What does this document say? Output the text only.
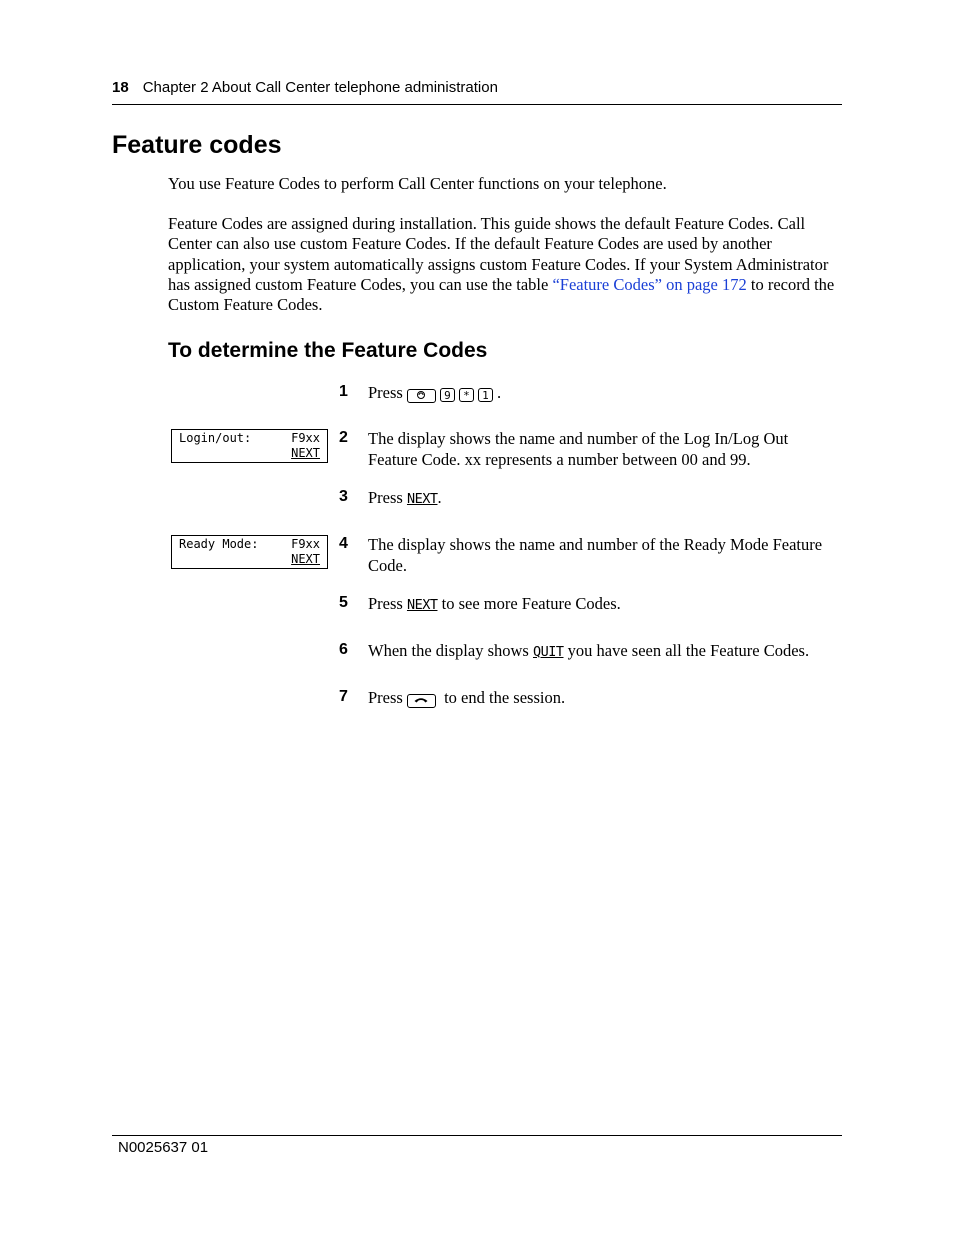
18 Chapter 2 About Call Center telephone administration
Feature codes

You use Feature Codes to perform Call Center functions on your telephone.

Feature Codes are assigned during installation. This guide shows the default Feature Codes. Call Center can also use custom Feature Codes. If the default Feature Codes are used by another application, your system automatically assigns custom Feature Codes. If your System Administrator has assigned custom Feature Codes, you can use the table “Feature Codes” on page 172 to record the Custom Feature Codes.

To determine the Feature Codes
1 Press	9 * 1 .
Login/out:	F9xx
NEXT
2 The display shows the name and number of the Log In/Log Out Feature Code. xx represents a number between 00 and 99.
3 Press NEXT.
Ready Mode:	F9xx
NEXT
4 The display shows the name and number of the Ready Mode Feature Code.
5 Press NEXT to see more Feature Codes.
6 When the display shows QUIT you have seen all the Feature Codes.
7 Press  to end the session.
N0025637 01
